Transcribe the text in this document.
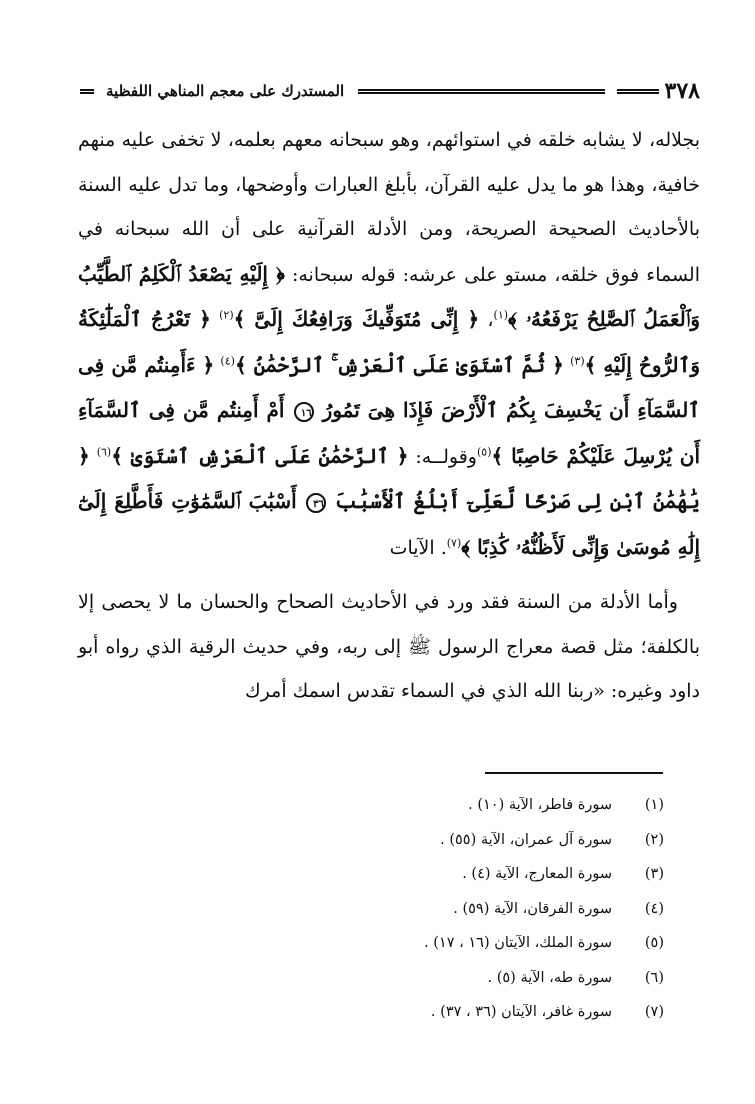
٣٧٨
المستدرك على معجم المناهي اللفظية

بجلاله، لا يشابه خلقه في استوائهم، وهو سبحانه معهم بعلمه، لا تخفى عليه منهم خافية، وهذا هو ما يدل عليه القرآن، بأبلغ العبارات وأوضحها، وما تدل عليه السنة بالأحاديث الصحيحة الصريحة، ومن الأدلة القرآنية على أن الله سبحانه في السماء فوق خلقه، مستو على عرشه: قوله سبحانه: ﴿ إِلَيْهِ يَصْعَدُ ٱلْكَلِمُ ٱلطَّيِّبُ وَٱلْعَمَلُ ٱلصَّٰلِحُ يَرْفَعُهُۥ ﴾$^{(١)}$، ﴿ إِنِّى مُتَوَفِّيكَ وَرَافِعُكَ إِلَىَّ ﴾$^{(٢)}$ ﴿ تَعْرُجُ ٱلْمَلَٰٓئِكَةُ وَٱلرُّوحُ إِلَيْهِ ﴾$^{(٣)}$ ﴿ ثُمَّ ٱسْتَوَىٰ عَلَى ٱلْعَرْشِ ۚ ٱلرَّحْمَٰنُ ﴾$^{(٤)}$ ﴿ ءَأَمِنتُم مَّن فِى ٱلسَّمَآءِ أَن يَخْسِفَ بِكُمُ ٱلْأَرْضَ فَإِذَا هِىَ تَمُورُ ١٦ أَمْ أَمِنتُم مَّن فِى ٱلسَّمَآءِ أَن يُرْسِلَ عَلَيْكُمْ حَاصِبًا ﴾$^{(٥)}$وقولــه: ﴿ ٱلرَّحْمَٰنُ عَلَى ٱلْعَرْشِ ٱسْتَوَىٰ ﴾$^{(٦)}$ ﴿ يَٰهَٰمَٰنُ ٱبْنِ لِى صَرْحًا لَّعَلِّىٓ أَبْلُغُ ٱلْأَسْبَٰبَ ٣٦ أَسْبَٰبَ ٱلسَّمَٰوَٰتِ فَأَطَّلِعَ إِلَىٰٓ إِلَٰهِ مُوسَىٰ وَإِنِّى لَأَظُنُّهُۥ كَٰذِبًا ﴾$^{(٧)}$. الآيات

وأما الأدلة من السنة فقد ورد في الأحاديث الصحاح والحسان ما لا يحصى إلا بالكلفة؛ مثل قصة معراج الرسول ﷺ إلى ربه، وفي حديث الرقية الذي رواه أبو داود وغيره: «ربنا الله الذي في السماء تقدس اسمك أمرك

(١)
سورة فاطر، الآية (١٠) .
(٢)
سورة آل عمران، الآية (٥٥) .
(٣)
سورة المعارج، الآية (٤) .
(٤)
سورة الفرقان، الآية (٥٩) .
(٥)
سورة الملك، الآيتان (١٦ ، ١٧) .
(٦)
سورة طه، الآية (٥) .
(٧)
سورة غافر، الآيتان (٣٦ ، ٣٧) .
